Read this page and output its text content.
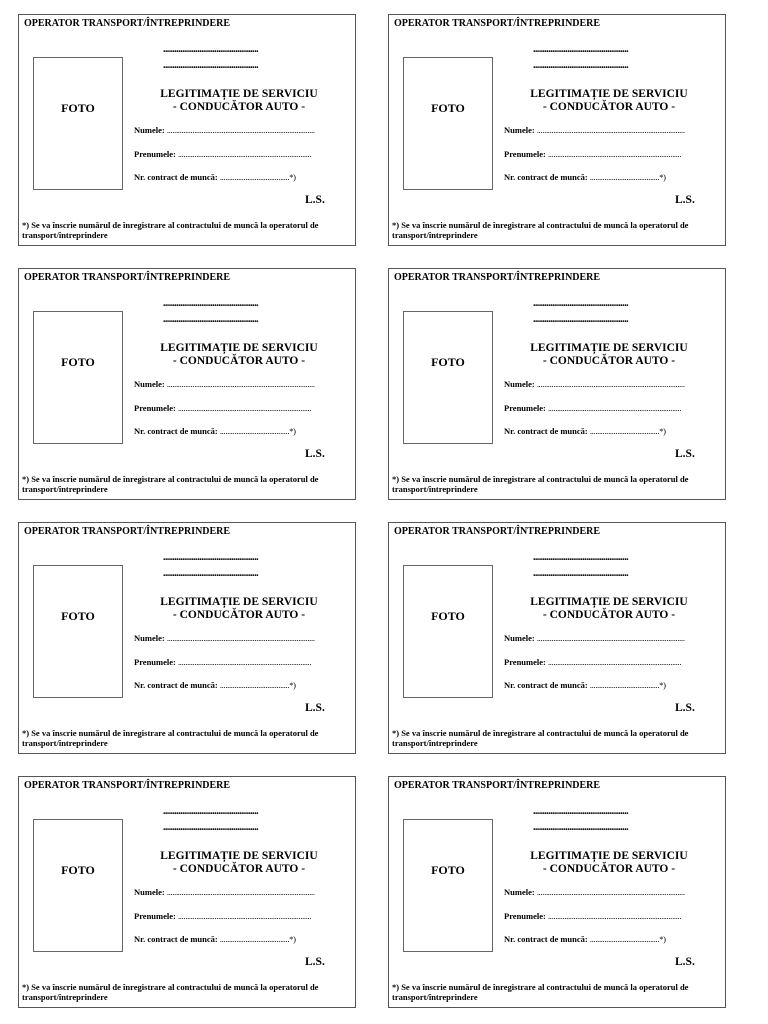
OPERATOR TRANSPORT/ÎNTREPRINDERE
..................................................
..................................................
FOTO
LEGITIMAȚIE DE SERVICIU
- CONDUCĂTOR AUTO -
Numele: .................................................................................
Prenumele: .........................................................................
Nr. contract de muncă: ......................................*)
L.S.
*) Se va înscrie numărul de înregistrare al contractului de muncă la operatorul de transport/întreprindere
OPERATOR TRANSPORT/ÎNTREPRINDERE
..................................................
..................................................
FOTO
LEGITIMAȚIE DE SERVICIU
- CONDUCĂTOR AUTO -
Numele: .................................................................................
Prenumele: .........................................................................
Nr. contract de muncă: ......................................*)
L.S.
*) Se va înscrie numărul de înregistrare al contractului de muncă la operatorul de transport/întreprindere
OPERATOR TRANSPORT/ÎNTREPRINDERE
..................................................
..................................................
FOTO
LEGITIMAȚIE DE SERVICIU
- CONDUCĂTOR AUTO -
Numele: .................................................................................
Prenumele: .........................................................................
Nr. contract de muncă: ......................................*)
L.S.
*) Se va înscrie numărul de înregistrare al contractului de muncă la operatorul de transport/întreprindere
OPERATOR TRANSPORT/ÎNTREPRINDERE
..................................................
..................................................
FOTO
LEGITIMAȚIE DE SERVICIU
- CONDUCĂTOR AUTO -
Numele: .................................................................................
Prenumele: .........................................................................
Nr. contract de muncă: ......................................*)
L.S.
*) Se va înscrie numărul de înregistrare al contractului de muncă la operatorul de transport/întreprindere
OPERATOR TRANSPORT/ÎNTREPRINDERE
..................................................
..................................................
FOTO
LEGITIMAȚIE DE SERVICIU
- CONDUCĂTOR AUTO -
Numele: .................................................................................
Prenumele: .........................................................................
Nr. contract de muncă: ......................................*)
L.S.
*) Se va înscrie numărul de înregistrare al contractului de muncă la operatorul de transport/întreprindere
OPERATOR TRANSPORT/ÎNTREPRINDERE
..................................................
..................................................
FOTO
LEGITIMAȚIE DE SERVICIU
- CONDUCĂTOR AUTO -
Numele: .................................................................................
Prenumele: .........................................................................
Nr. contract de muncă: ......................................*)
L.S.
*) Se va înscrie numărul de înregistrare al contractului de muncă la operatorul de transport/întreprindere
OPERATOR TRANSPORT/ÎNTREPRINDERE
..................................................
..................................................
FOTO
LEGITIMAȚIE DE SERVICIU
- CONDUCĂTOR AUTO -
Numele: .................................................................................
Prenumele: .........................................................................
Nr. contract de muncă: ......................................*)
L.S.
*) Se va înscrie numărul de înregistrare al contractului de muncă la operatorul de transport/întreprindere
OPERATOR TRANSPORT/ÎNTREPRINDERE
..................................................
..................................................
FOTO
LEGITIMAȚIE DE SERVICIU
- CONDUCĂTOR AUTO -
Numele: .................................................................................
Prenumele: .........................................................................
Nr. contract de muncă: ......................................*)
L.S.
*) Se va înscrie numărul de înregistrare al contractului de muncă la operatorul de transport/întreprindere
